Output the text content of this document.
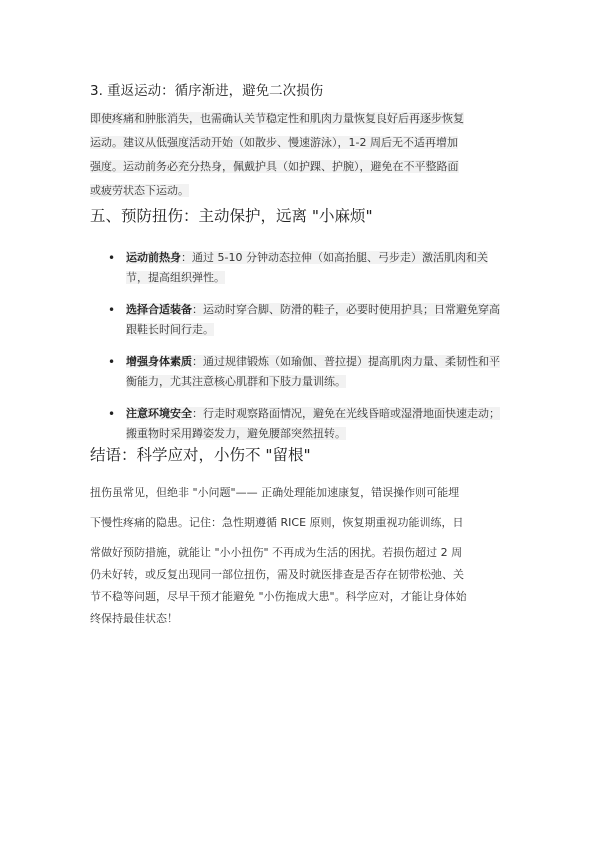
3. 重返运动：循序渐进，避免二次损伤
即使疼痛和肿胀消失，也需确认关节稳定性和肌肉力量恢复良好后再逐步恢复
运动。建议从低强度活动开始（如散步、慢速游泳），1-2 周后无不适再增加
强度。运动前务必充分热身，佩戴护具（如护踝、护腕），避免在不平整路面
或疲劳状态下运动。
五、预防扭伤：主动保护，远离 "小麻烦"
• 运动前热身：通过 5-10 分钟动态拉伸（如高抬腿、弓步走）激活肌肉和关节，提高组织弹性。
• 选择合适装备：运动时穿合脚、防滑的鞋子，必要时使用护具；日常避免穿高跟鞋长时间行走。
• 增强身体素质：通过规律锻炼（如瑜伽、普拉提）提高肌肉力量、柔韧性和平衡能力，尤其注意核心肌群和下肢力量训练。
• 注意环境安全：行走时观察路面情况，避免在光线昏暗或湿滑地面快速走动；搬重物时采用蹲姿发力，避免腰部突然扭转。
结语：科学应对，小伤不 "留根"
扭伤虽常见，但绝非 "小问题"—— 正确处理能加速康复，错误操作则可能埋
下慢性疼痛的隐患。记住：急性期遵循 RICE 原则，恢复期重视功能训练，日
常做好预防措施，就能让 "小小扭伤" 不再成为生活的困扰。若损伤超过 2 周
仍未好转，或反复出现同一部位扭伤，需及时就医排查是否存在韧带松弛、关
节不稳等问题，尽早干预才能避免 "小伤拖成大患"。科学应对，才能让身体始
终保持最佳状态！
